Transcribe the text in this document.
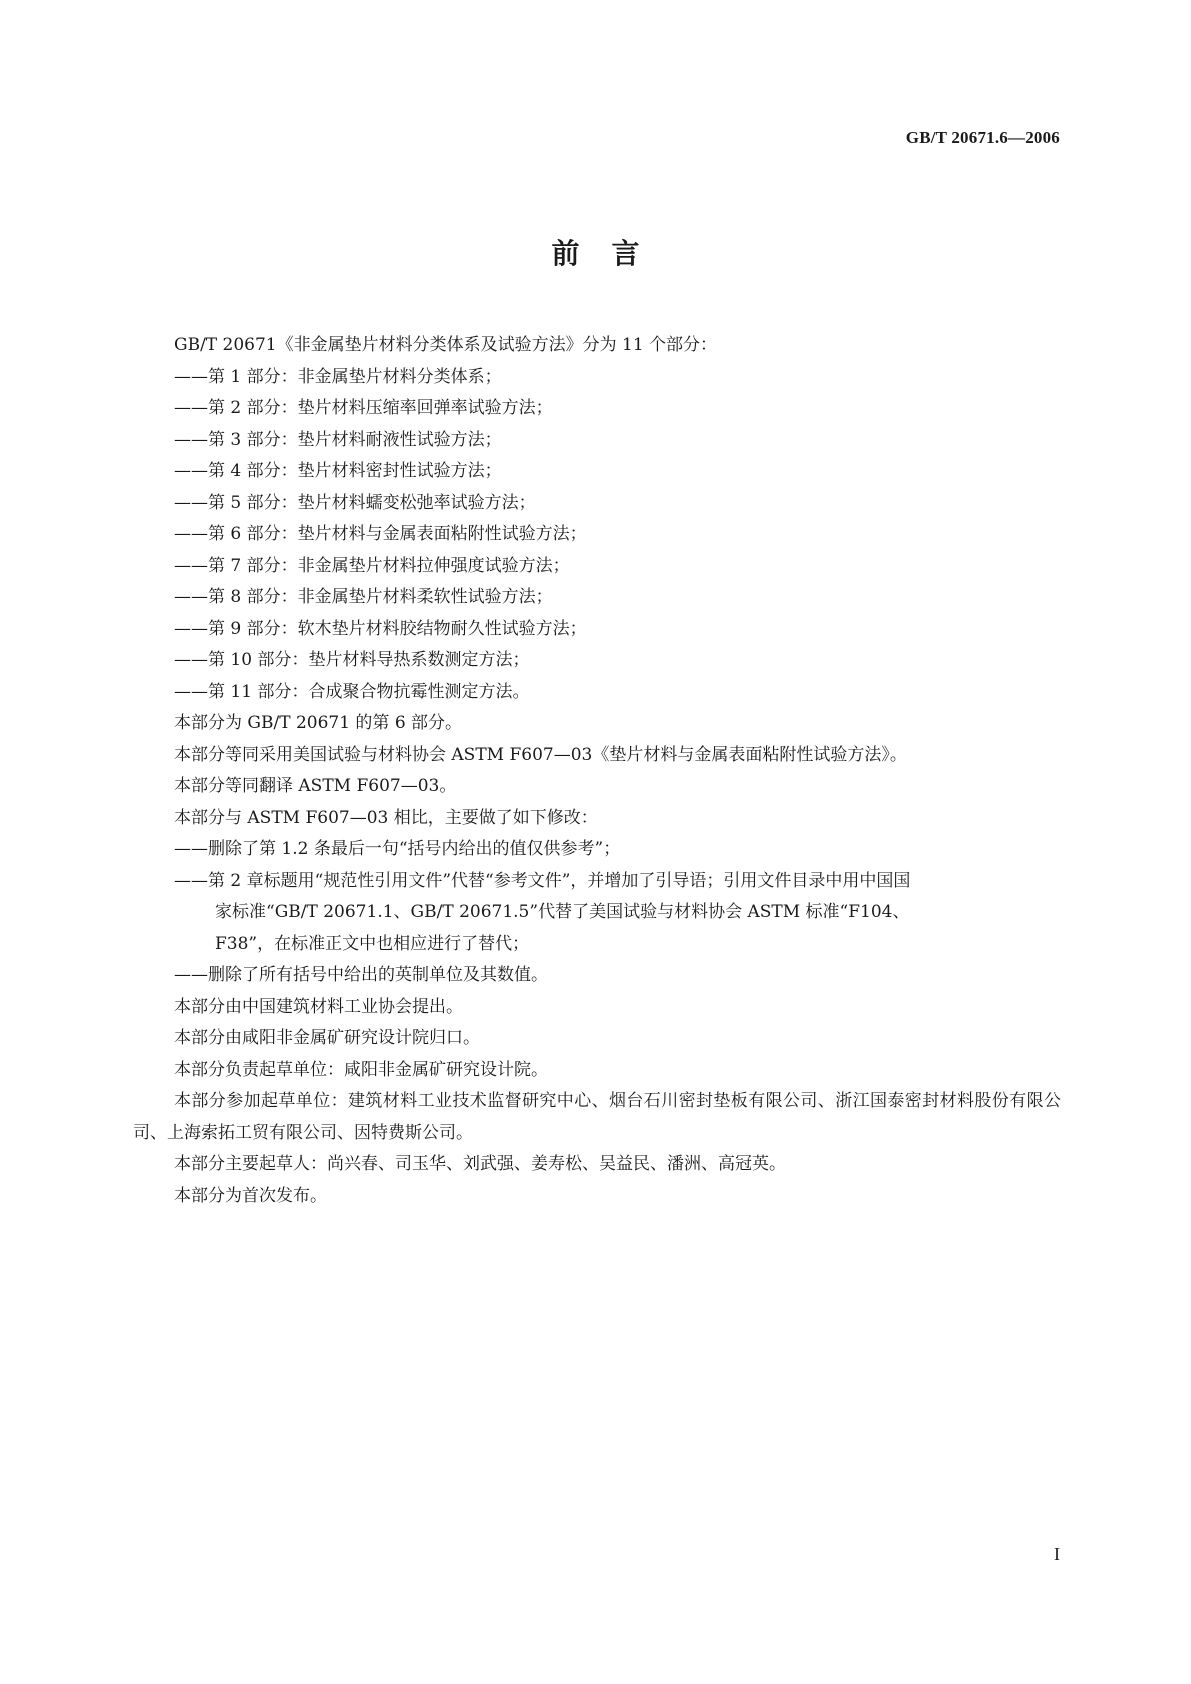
GB/T 20671.6—2006
前言
GB/T 20671《非金属垫片材料分类体系及试验方法》分为 11 个部分：
——第 1 部分：非金属垫片材料分类体系；
——第 2 部分：垫片材料压缩率回弹率试验方法；
——第 3 部分：垫片材料耐液性试验方法；
——第 4 部分：垫片材料密封性试验方法；
——第 5 部分：垫片材料蠕变松弛率试验方法；
——第 6 部分：垫片材料与金属表面粘附性试验方法；
——第 7 部分：非金属垫片材料拉伸强度试验方法；
——第 8 部分：非金属垫片材料柔软性试验方法；
——第 9 部分：软木垫片材料胶结物耐久性试验方法；
——第 10 部分：垫片材料导热系数测定方法；
——第 11 部分：合成聚合物抗霉性测定方法。
本部分为 GB/T 20671 的第 6 部分。
本部分等同采用美国试验与材料协会 ASTM F607—03《垫片材料与金属表面粘附性试验方法》。
本部分等同翻译 ASTM F607—03。
本部分与 ASTM F607—03 相比，主要做了如下修改：
——删除了第 1.2 条最后一句“括号内给出的值仅供参考”；
——第 2 章标题用“规范性引用文件”代替“参考文件”，并增加了引导语；引用文件目录中用中国国
家标准“GB/T 20671.1、GB/T 20671.5”代替了美国试验与材料协会 ASTM 标准“F104、
F38”，在标准正文中也相应进行了替代；
——删除了所有括号中给出的英制单位及其数值。
本部分由中国建筑材料工业协会提出。
本部分由咸阳非金属矿研究设计院归口。
本部分负责起草单位：咸阳非金属矿研究设计院。
本部分参加起草单位：建筑材料工业技术监督研究中心、烟台石川密封垫板有限公司、浙江国泰密封材料股份有限公司、上海索拓工贸有限公司、因特费斯公司。
本部分主要起草人：尚兴春、司玉华、刘武强、姜寿松、吴益民、潘洲、高冠英。
本部分为首次发布。
I
